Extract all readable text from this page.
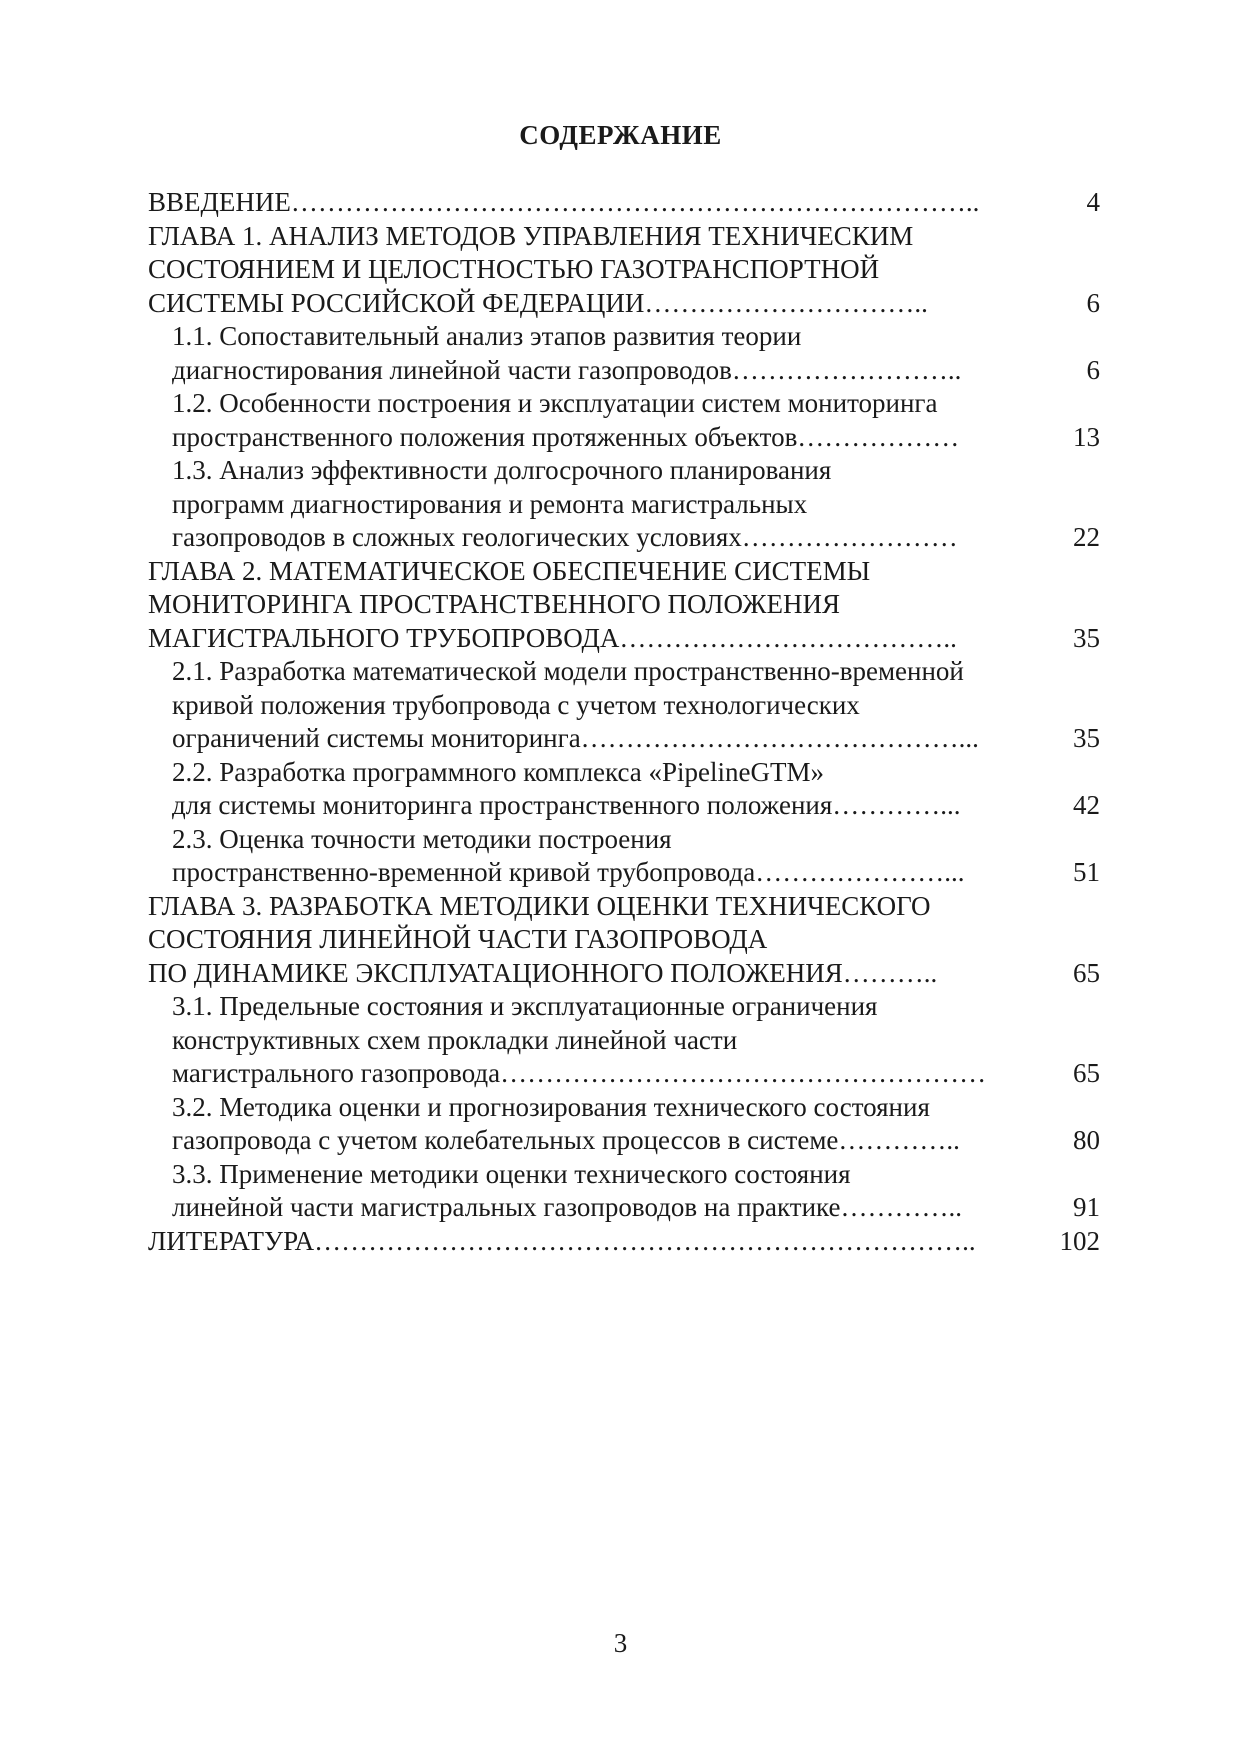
СОДЕРЖАНИЕ
ВВЕДЕНИЕ…………………………………………………………………..	4
ГЛАВА 1. АНАЛИЗ МЕТОДОВ УПРАВЛЕНИЯ ТЕХНИЧЕСКИМ
СОСТОЯНИЕМ И ЦЕЛОСТНОСТЬЮ ГАЗОТРАНСПОРТНОЙ
СИСТЕМЫ РОССИЙСКОЙ ФЕДЕРАЦИИ…………………………..	6
1.1. Сопоставительный анализ этапов развития теории
диагностирования линейной части газопроводов……………………..	6
1.2. Особенности построения и эксплуатации систем мониторинга
пространственного положения протяженных объектов………………	13
1.3. Анализ эффективности долгосрочного планирования
программ диагностирования и ремонта магистральных
газопроводов в сложных геологических условиях……………………	22
ГЛАВА 2. МАТЕМАТИЧЕСКОЕ ОБЕСПЕЧЕНИЕ СИСТЕМЫ
МОНИТОРИНГА ПРОСТРАНСТВЕННОГО ПОЛОЖЕНИЯ
МАГИСТРАЛЬНОГО ТРУБОПРОВОДА………………………………..	35
2.1. Разработка математической модели пространственно-временной
кривой положения трубопровода с учетом технологических
ограничений системы мониторинга……………………………………...	35
2.2. Разработка программного комплекса «PipelineGTM»
для системы мониторинга пространственного положения…………...	42
2.3. Оценка точности методики построения
пространственно-временной кривой трубопровода…………………...	51
ГЛАВА 3. РАЗРАБОТКА МЕТОДИКИ ОЦЕНКИ ТЕХНИЧЕСКОГО
СОСТОЯНИЯ ЛИНЕЙНОЙ ЧАСТИ ГАЗОПРОВОДА
ПО ДИНАМИКЕ ЭКСПЛУАТАЦИОННОГО ПОЛОЖЕНИЯ………..	65
3.1. Предельные состояния и эксплуатационные ограничения
конструктивных схем прокладки линейной части
магистрального газопровода………………………………………………	65
3.2. Методика оценки и прогнозирования технического состояния
газопровода с учетом колебательных процессов в системе…………..	80
3.3. Применение методики оценки технического состояния
линейной части магистральных газопроводов на практике…………..	91
ЛИТЕРАТУРА………………………………………………………………..	102
3
